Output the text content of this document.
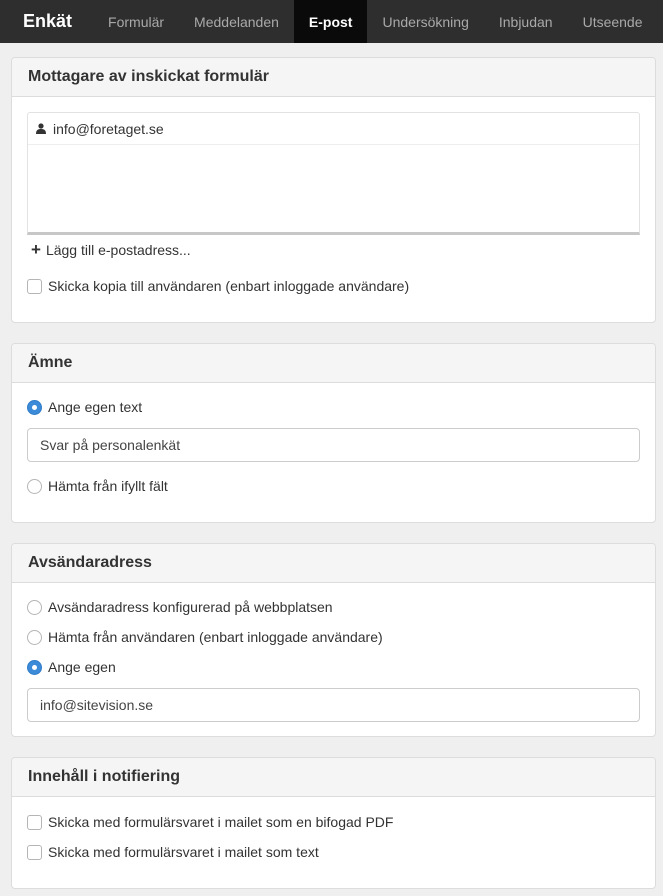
Enkät	Formulär	Meddelanden	E-post	Undersökning	Inbjudan	Utseende
Mottagare av inskickat formulär
info@foretaget.se
+ Lägg till e-postadress...
Skicka kopia till användaren (enbart inloggade användare)
Ämne
Ange egen text
Svar på personalenkät
Hämta från ifyllt fält
Avsändaradress
Avsändaradress konfigurerad på webbplatsen
Hämta från användaren (enbart inloggade användare)
Ange egen
info@sitevision.se
Innehåll i notifiering
Skicka med formulärsvaret i mailet som en bifogad PDF
Skicka med formulärsvaret i mailet som text
